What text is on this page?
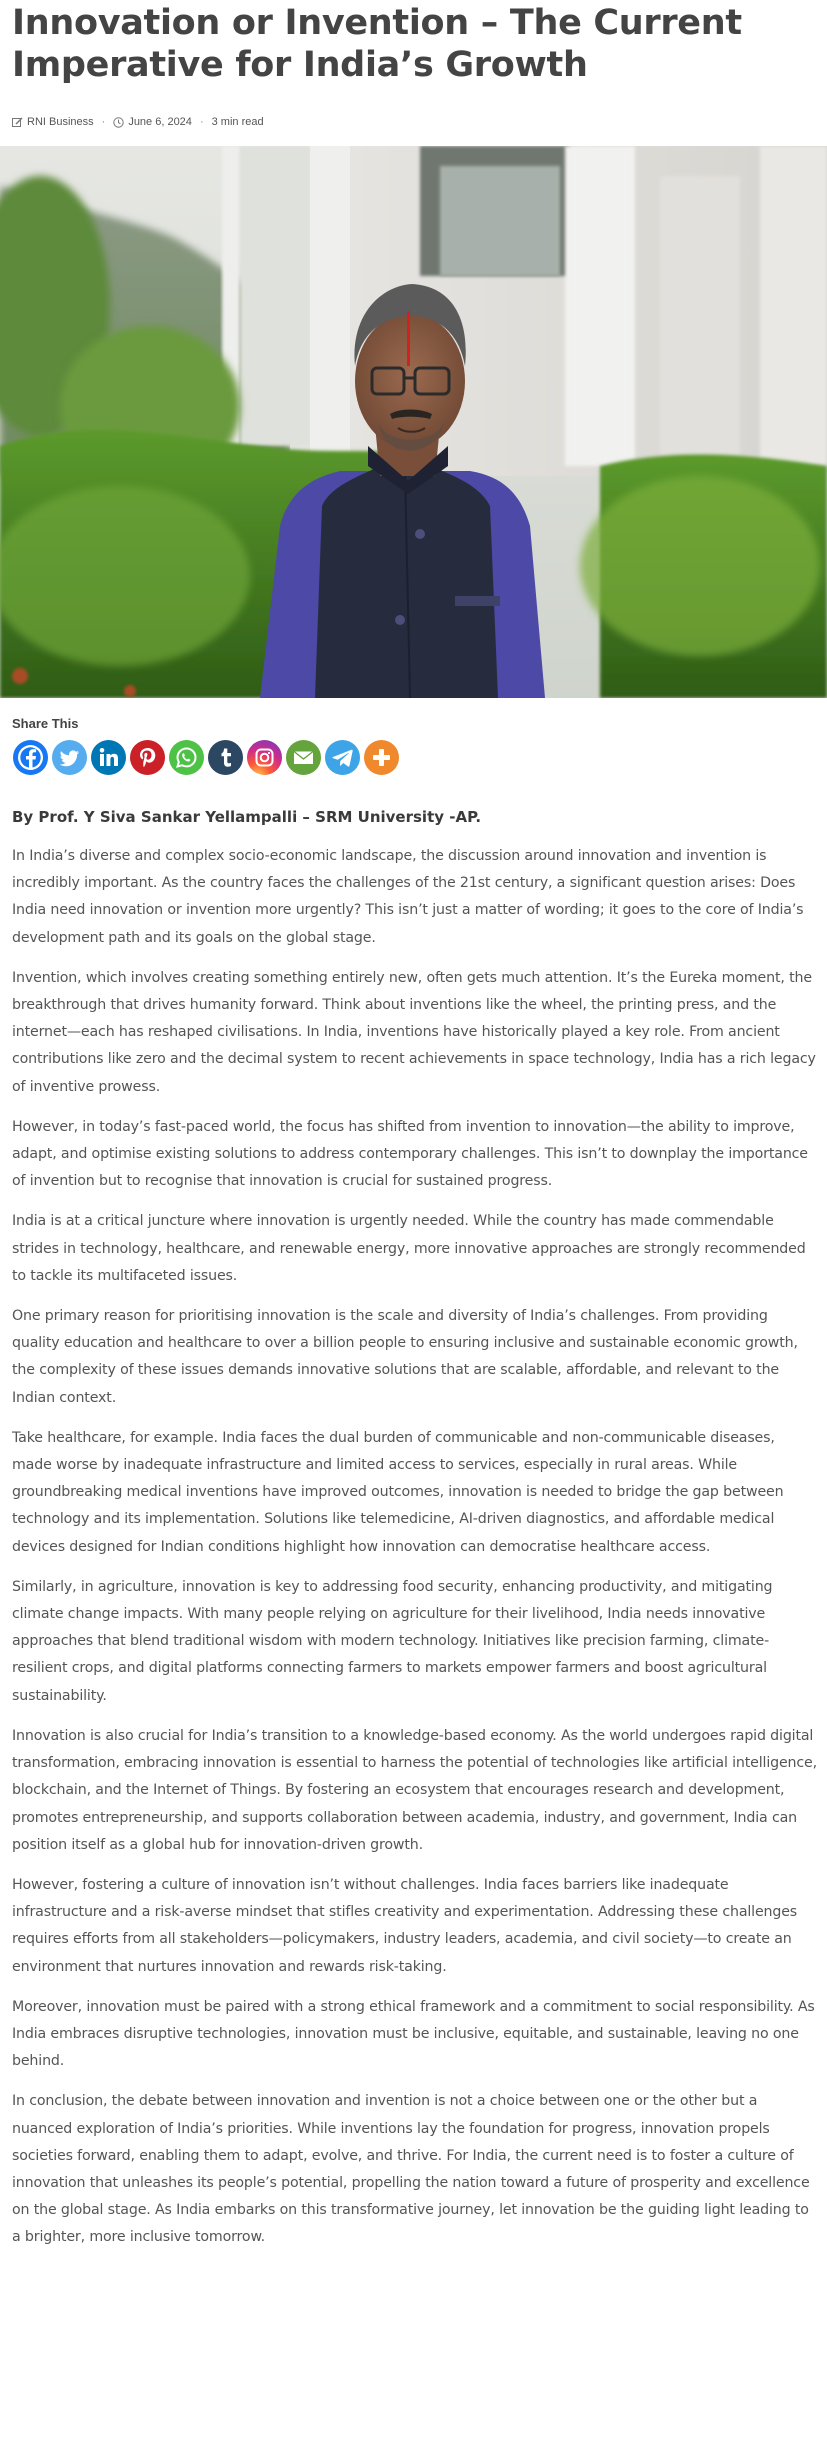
Innovation or Invention – The Current Imperative for India’s Growth
RNI Business · June 6, 2024 · 3 min read
Share This
By Prof. Y Siva Sankar Yellampalli – SRM University -AP.

In India’s diverse and complex socio-economic landscape, the discussion around innovation and invention is incredibly important. As the country faces the challenges of the 21st century, a significant question arises: Does India need innovation or invention more urgently? This isn’t just a matter of wording; it goes to the core of India’s development path and its goals on the global stage.

Invention, which involves creating something entirely new, often gets much attention. It’s the Eureka moment, the breakthrough that drives humanity forward. Think about inventions like the wheel, the printing press, and the internet—each has reshaped civilisations. In India, inventions have historically played a key role. From ancient contributions like zero and the decimal system to recent achievements in space technology, India has a rich legacy of inventive prowess.

However, in today’s fast-paced world, the focus has shifted from invention to innovation—the ability to improve, adapt, and optimise existing solutions to address contemporary challenges. This isn’t to downplay the importance of invention but to recognise that innovation is crucial for sustained progress.

India is at a critical juncture where innovation is urgently needed. While the country has made commendable strides in technology, healthcare, and renewable energy, more innovative approaches are strongly recommended to tackle its multifaceted issues.

One primary reason for prioritising innovation is the scale and diversity of India’s challenges. From providing quality education and healthcare to over a billion people to ensuring inclusive and sustainable economic growth, the complexity of these issues demands innovative solutions that are scalable, affordable, and relevant to the Indian context.

Take healthcare, for example. India faces the dual burden of communicable and non-communicable diseases, made worse by inadequate infrastructure and limited access to services, especially in rural areas. While groundbreaking medical inventions have improved outcomes, innovation is needed to bridge the gap between technology and its implementation. Solutions like telemedicine, AI-driven diagnostics, and affordable medical devices designed for Indian conditions highlight how innovation can democratise healthcare access.

Similarly, in agriculture, innovation is key to addressing food security, enhancing productivity, and mitigating climate change impacts. With many people relying on agriculture for their livelihood, India needs innovative approaches that blend traditional wisdom with modern technology. Initiatives like precision farming, climate-resilient crops, and digital platforms connecting farmers to markets empower farmers and boost agricultural sustainability.

Innovation is also crucial for India’s transition to a knowledge-based economy. As the world undergoes rapid digital transformation, embracing innovation is essential to harness the potential of technologies like artificial intelligence, blockchain, and the Internet of Things. By fostering an ecosystem that encourages research and development, promotes entrepreneurship, and supports collaboration between academia, industry, and government, India can position itself as a global hub for innovation-driven growth.

However, fostering a culture of innovation isn’t without challenges. India faces barriers like inadequate infrastructure and a risk-averse mindset that stifles creativity and experimentation. Addressing these challenges requires efforts from all stakeholders—policymakers, industry leaders, academia, and civil society—to create an environment that nurtures innovation and rewards risk-taking.

Moreover, innovation must be paired with a strong ethical framework and a commitment to social responsibility. As India embraces disruptive technologies, innovation must be inclusive, equitable, and sustainable, leaving no one behind.

In conclusion, the debate between innovation and invention is not a choice between one or the other but a nuanced exploration of India’s priorities. While inventions lay the foundation for progress, innovation propels societies forward, enabling them to adapt, evolve, and thrive. For India, the current need is to foster a culture of innovation that unleashes its people’s potential, propelling the nation toward a future of prosperity and excellence on the global stage. As India embarks on this transformative journey, let innovation be the guiding light leading to a brighter, more inclusive tomorrow.
